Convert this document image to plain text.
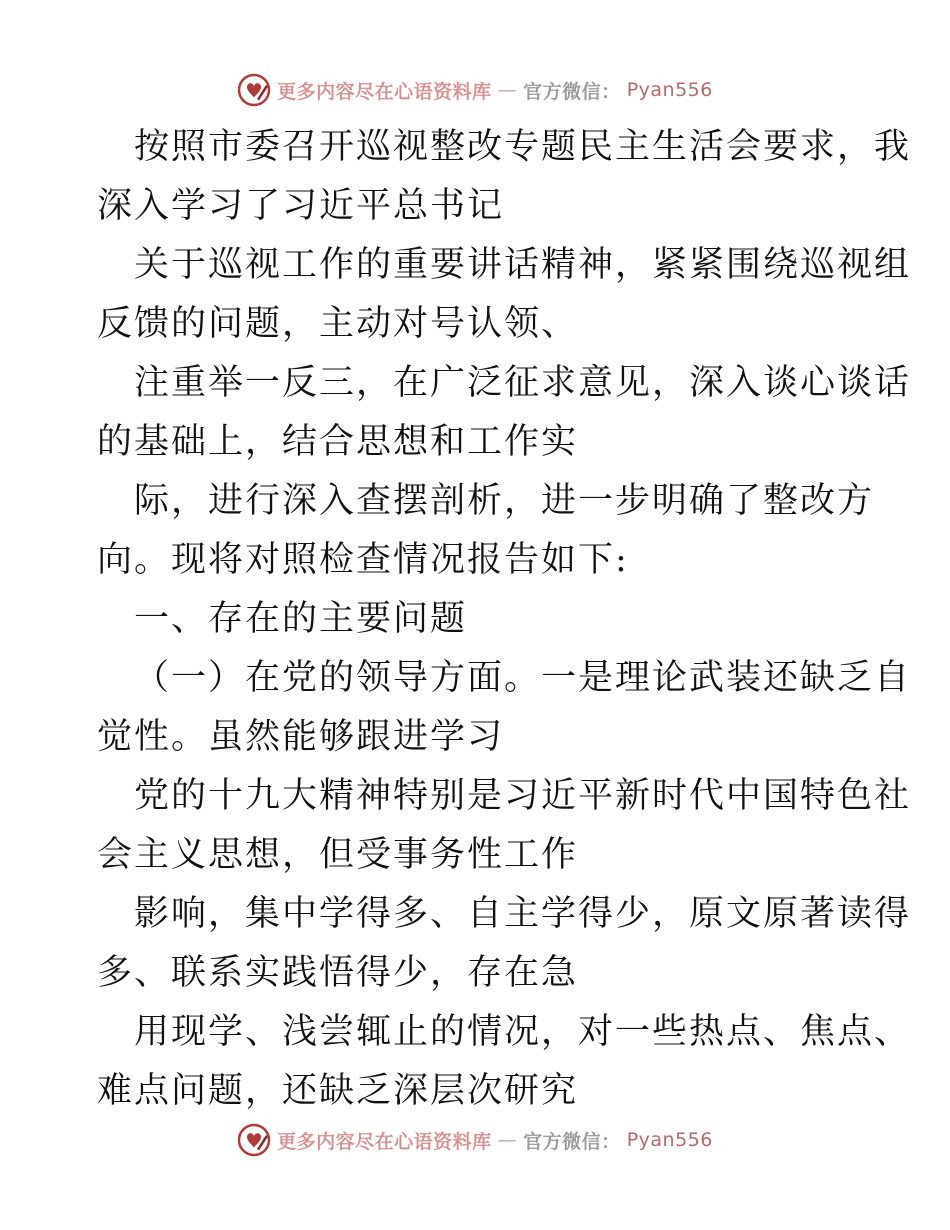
更多内容尽在心语资料库 — 官方微信： Pyan556

按照市委召开巡视整改专题民主生活会要求，我

深入学习了习近平总书记

关于巡视工作的重要讲话精神，紧紧围绕巡视组

反馈的问题，主动对号认领、

注重举一反三，在广泛征求意见，深入谈心谈话

的基础上，结合思想和工作实

际，进行深入查摆剖析，进一步明确了整改方

向。现将对照检查情况报告如下:

一、存在的主要问题

（一）在党的领导方面。一是理论武装还缺乏自

觉性。虽然能够跟进学习

党的十九大精神特别是习近平新时代中国特色社

会主义思想，但受事务性工作

影响，集中学得多、自主学得少，原文原著读得

多、联系实践悟得少，存在急

用现学、浅尝辄止的情况，对一些热点、焦点、

难点问题，还缺乏深层次研究

更多内容尽在心语资料库 — 官方微信： Pyan556
